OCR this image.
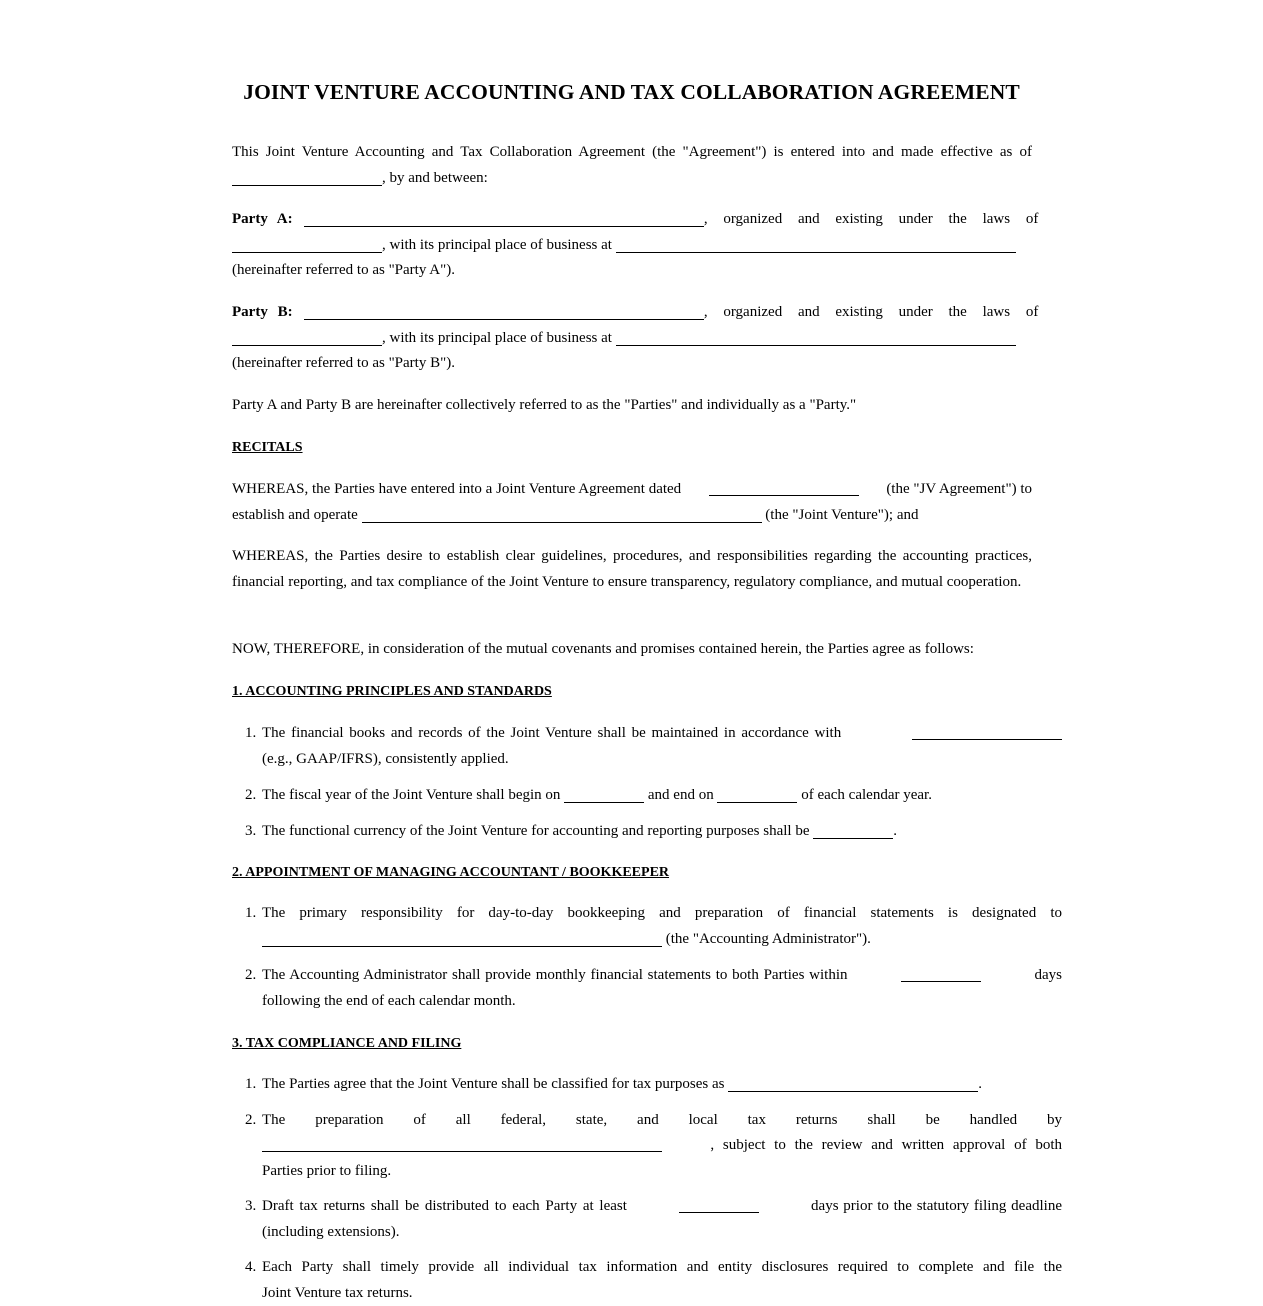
JOINT VENTURE ACCOUNTING AND TAX COLLABORATION AGREEMENT

This Joint Venture Accounting and Tax Collaboration Agreement (the "Agreement") is entered into and made effective as of

, by and between:

Party A:	, organized and existing under the laws of

, with its principal place of business at

(hereinafter referred to as "Party A").

Party B:	, organized and existing under the laws of

, with its principal place of business at

(hereinafter referred to as "Party B").

Party A and Party B are hereinafter collectively referred to as the "Parties" and individually as a "Party."

RECITALS

WHEREAS, the Parties have entered into a Joint Venture Agreement dated	(the "JV Agreement") to

establish and operate	(the "Joint Venture"); and

WHEREAS, the Parties desire to establish clear guidelines, procedures, and responsibilities regarding the accounting practices, financial reporting, and tax compliance of the Joint Venture to ensure transparency, regulatory compliance, and mutual cooperation.

NOW, THEREFORE, in consideration of the mutual covenants and promises contained herein, the Parties agree as follows:

1. ACCOUNTING PRINCIPLES AND STANDARDS

1. The financial books and records of the Joint Venture shall be maintained in accordance with

(e.g., GAAP/IFRS), consistently applied.

2. The fiscal year of the Joint Venture shall begin on	and end on	of each calendar year.

3. The functional currency of the Joint Venture for accounting and reporting purposes shall be	.

2. APPOINTMENT OF MANAGING ACCOUNTANT / BOOKKEEPER

1. The primary responsibility for day-to-day bookkeeping and preparation of financial statements is designated to

(the "Accounting Administrator").

2. The Accounting Administrator shall provide monthly financial statements to both Parties within	days

following the end of each calendar month.

3. TAX COMPLIANCE AND FILING

1. The Parties agree that the Joint Venture shall be classified for tax purposes as	.

2. The preparation of all federal, state, and local tax returns shall be handled by

, subject to the review and written approval of both

Parties prior to filing.

3. Draft tax returns shall be distributed to each Party at least	days prior to the statutory filing deadline

(including extensions).

4. Each Party shall timely provide all individual tax information and entity disclosures required to complete and file the

Joint Venture tax returns.
